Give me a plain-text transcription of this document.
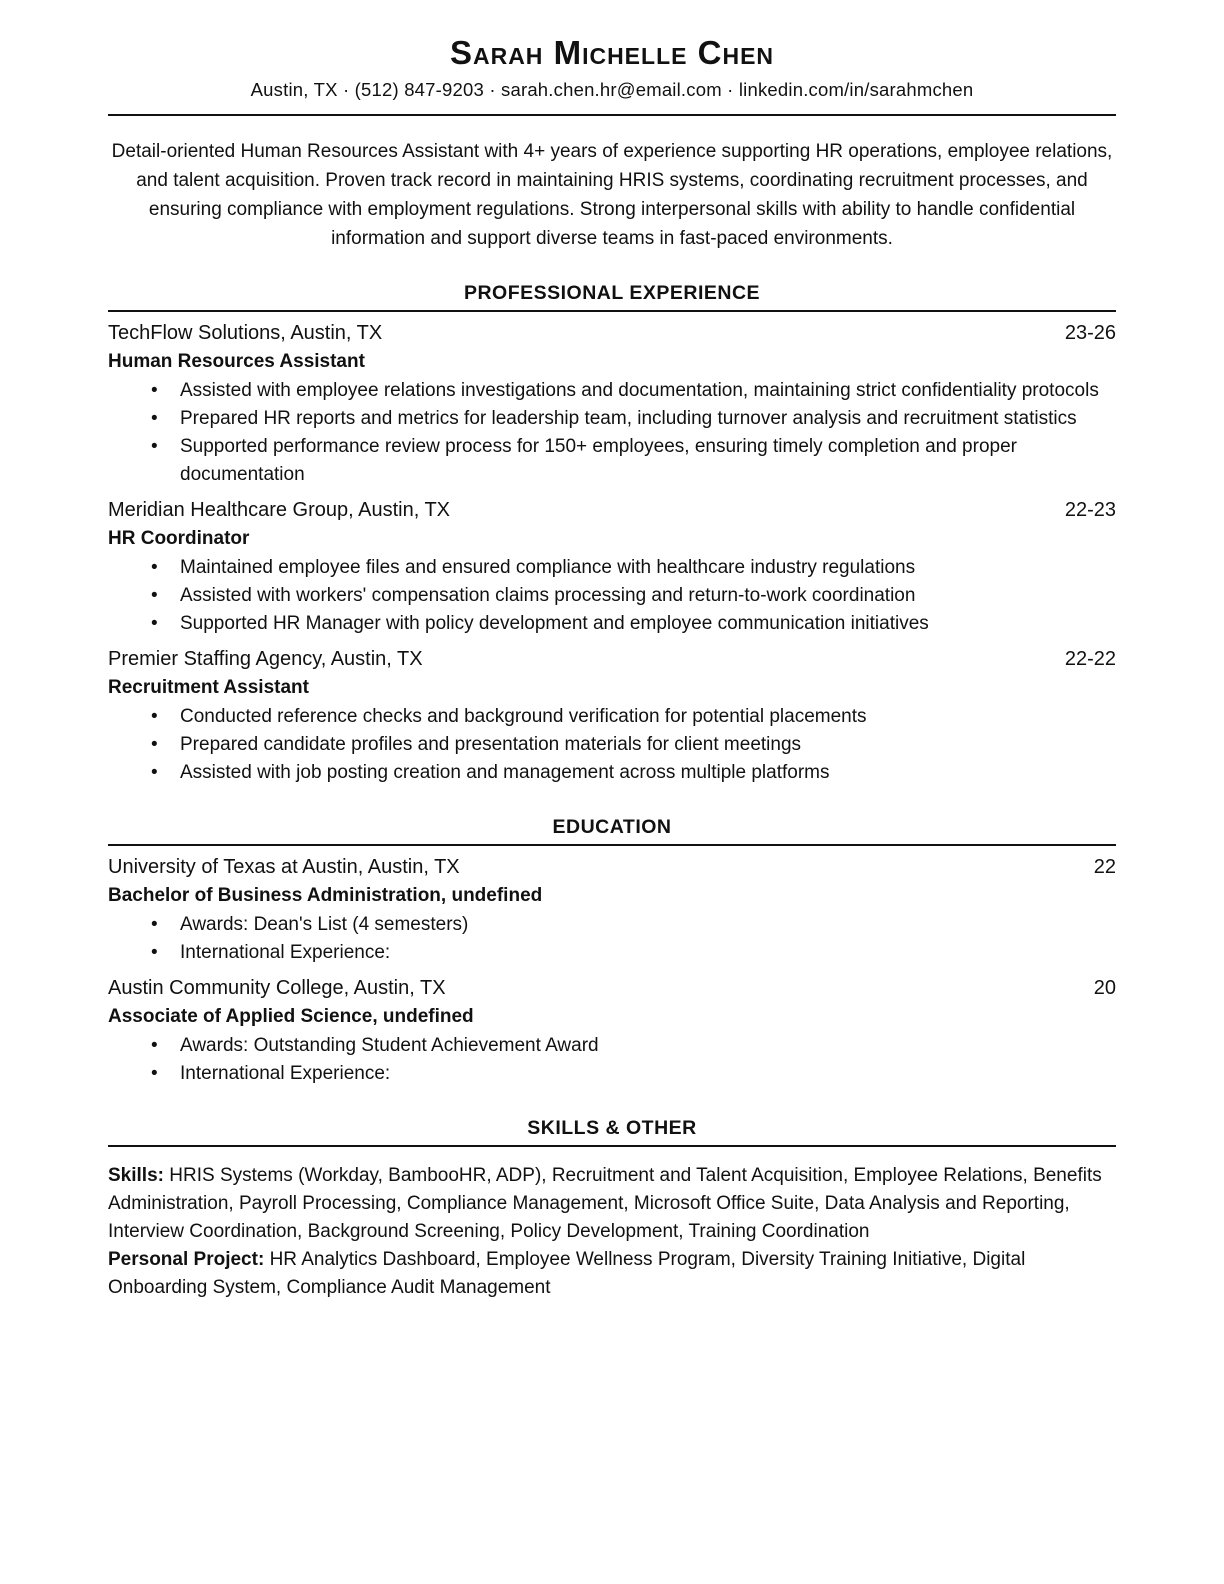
Sarah Michelle Chen
Austin, TX · (512) 847-9203 · sarah.chen.hr@email.com · linkedin.com/in/sarahmchen

Detail-oriented Human Resources Assistant with 4+ years of experience supporting HR operations, employee relations, and talent acquisition. Proven track record in maintaining HRIS systems, coordinating recruitment processes, and ensuring compliance with employment regulations. Strong interpersonal skills with ability to handle confidential information and support diverse teams in fast-paced environments.

PROFESSIONAL EXPERIENCE
TechFlow Solutions, Austin, TX	23-26
Human Resources Assistant
• Assisted with employee relations investigations and documentation, maintaining strict confidentiality protocols
• Prepared HR reports and metrics for leadership team, including turnover analysis and recruitment statistics
• Supported performance review process for 150+ employees, ensuring timely completion and proper documentation
Meridian Healthcare Group, Austin, TX	22-23
HR Coordinator
• Maintained employee files and ensured compliance with healthcare industry regulations
• Assisted with workers' compensation claims processing and return-to-work coordination
• Supported HR Manager with policy development and employee communication initiatives
Premier Staffing Agency, Austin, TX	22-22
Recruitment Assistant
• Conducted reference checks and background verification for potential placements
• Prepared candidate profiles and presentation materials for client meetings
• Assisted with job posting creation and management across multiple platforms
EDUCATION
University of Texas at Austin, Austin, TX	22
Bachelor of Business Administration, undefined
• Awards: Dean's List (4 semesters)
• International Experience:
Austin Community College, Austin, TX	20
Associate of Applied Science, undefined
• Awards: Outstanding Student Achievement Award
• International Experience:
SKILLS & OTHER

Skills: HRIS Systems (Workday, BambooHR, ADP), Recruitment and Talent Acquisition, Employee Relations, Benefits Administration, Payroll Processing, Compliance Management, Microsoft Office Suite, Data Analysis and Reporting, Interview Coordination, Background Screening, Policy Development, Training Coordination

Personal Project: HR Analytics Dashboard, Employee Wellness Program, Diversity Training Initiative, Digital Onboarding System, Compliance Audit Management
